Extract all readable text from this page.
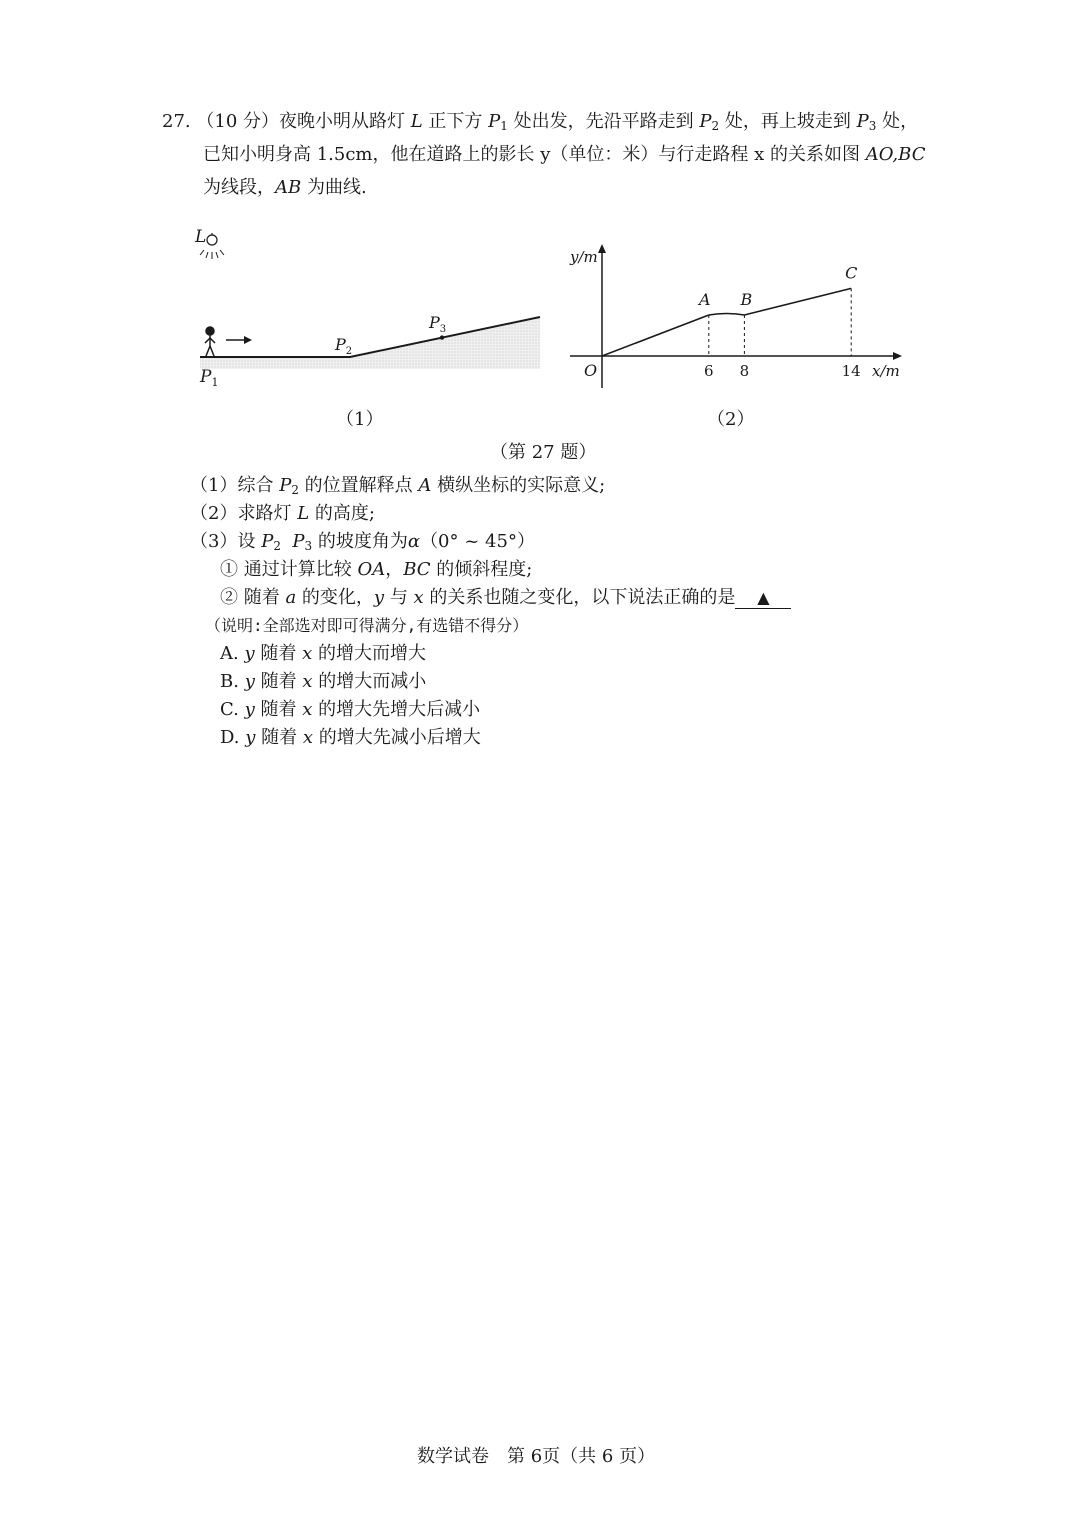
27. （10 分）夜晚小明从路灯 L 正下方 $P_1$ 处出发，先沿平路走到 $P_2$ 处，再上坡走到 $P_3$ 处，
已知小明身高 1.5cm，他在道路上的影长 y（单位：米）与行走路程 x 的关系如图 AO,BC
为线段，AB 为曲线.
L
$P_1$
$P_2$
$P_3$
（1）
y/m
x/m
O	6 8	14
A B
C
（2）
（第 27 题）
（1）综合 $P_2$ 的位置解释点 A 横纵坐标的实际意义;
（2）求路灯 L 的高度;
（3）设 $P_2$ $P_3$ 的坡度角为α（0° ~ 45°）
① 通过计算比较 OA，BC 的倾斜程度;
② 随着 a 的变化，y 与 x 的关系也随之变化，以下说法正确的是 ▲
（说明:全部选对即可得满分,有选错不得分）
A. y 随着 x 的增大而增大
B. y 随着 x 的增大而减小
C. y 随着 x 的增大先增大后减小
D. y 随着 x 的增大先减小后增大
数学试卷　第 6页（共 6 页）
